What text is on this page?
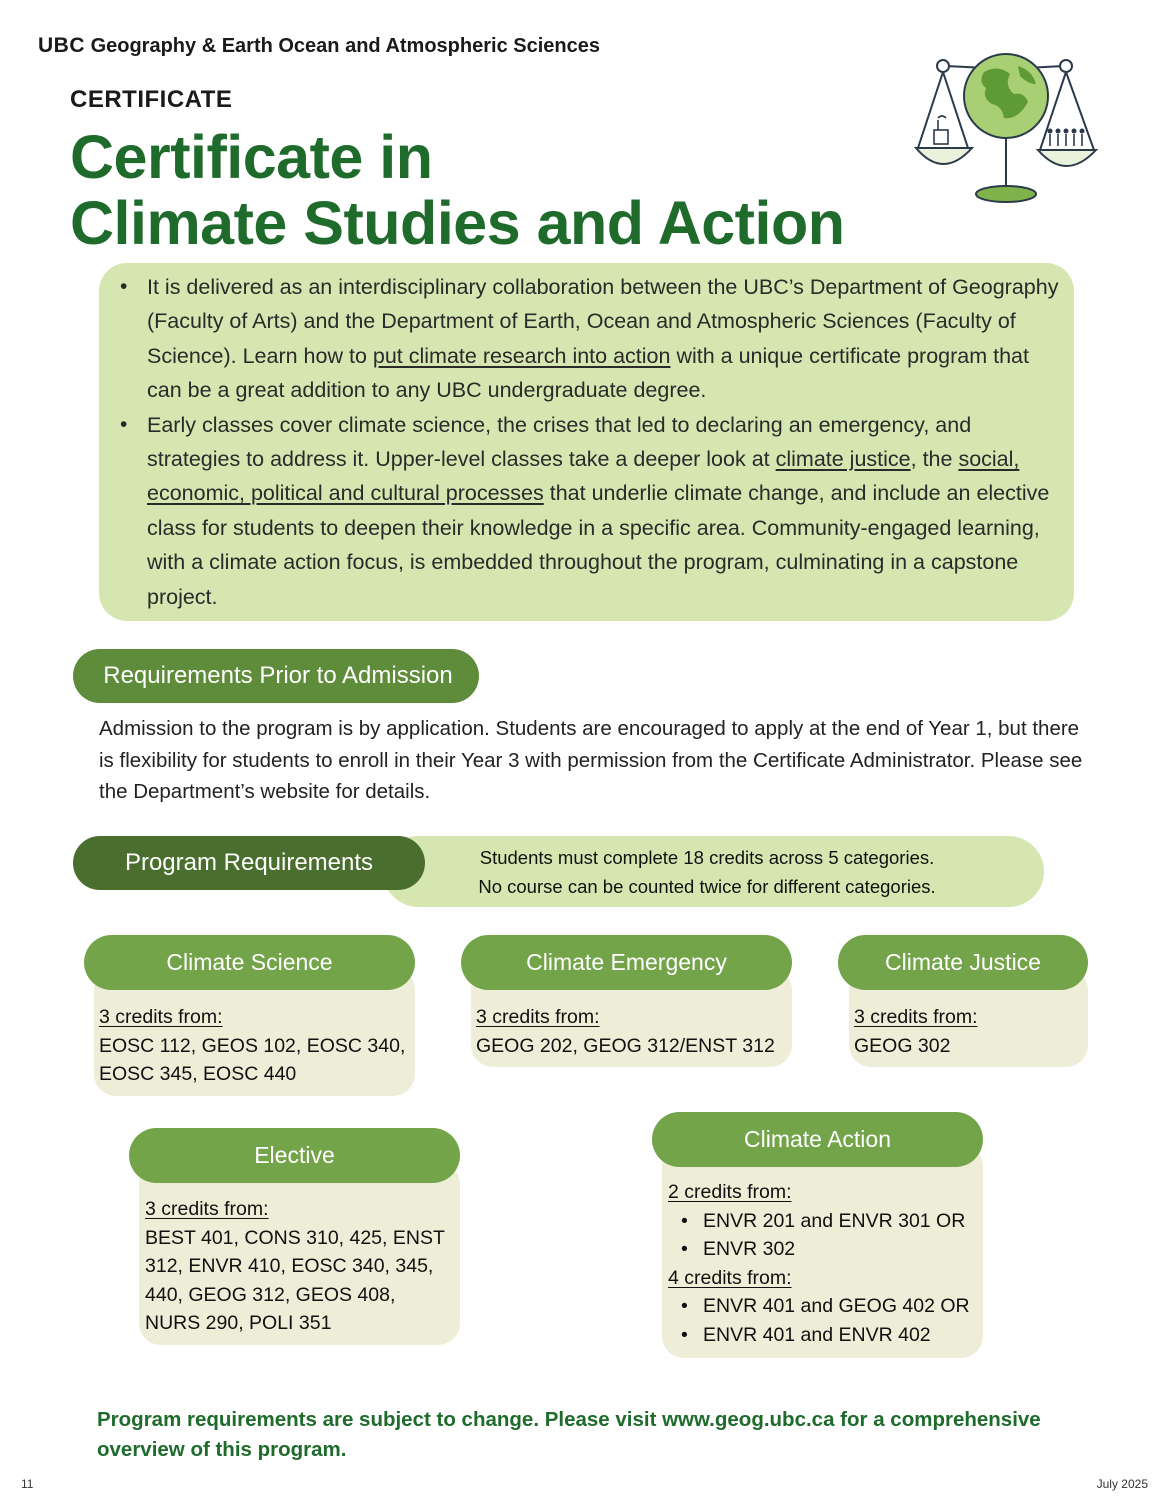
UBC Geography & Earth Ocean and Atmospheric Sciences
CERTIFICATE
Certificate in
Climate Studies and Action
• It is delivered as an interdisciplinary collaboration between the UBC’s Department of Geography (Faculty of Arts) and the Department of Earth, Ocean and Atmospheric Sciences (Faculty of Science). Learn how to put climate research into action with a unique certificate program that can be a great addition to any UBC undergraduate degree.
• Early classes cover climate science, the crises that led to declaring an emergency, and strategies to address it. Upper-level classes take a deeper look at climate justice, the social, economic, political and cultural processes that underlie climate change, and include an elective class for students to deepen their knowledge in a specific area. Community-engaged learning, with a climate action focus, is embedded throughout the program, culminating in a capstone project.
Requirements Prior to Admission
Admission to the program is by application. Students are encouraged to apply at the end of Year 1, but there is flexibility for students to enroll in their Year 3 with permission from the Certificate Administrator. Please see the Department’s website for details.
Students must complete 18 credits across 5 categories.
No course can be counted twice for different categories.
Program Requirements
3 credits from:
EOSC 112, GEOS 102, EOSC 340, EOSC 345, EOSC 440
Climate Science
3 credits from:
GEOG 202, GEOG 312/ENST 312
Climate Emergency
3 credits from:
GEOG 302
Climate Justice
3 credits from:
BEST 401, CONS 310, 425, ENST 312, ENVR 410, EOSC 340, 345, 440, GEOG 312, GEOS 408, NURS 290, POLI 351
Elective
2 credits from:
• ENVR 201 and ENVR 301 OR
• ENVR 302
4 credits from:
• ENVR 401 and GEOG 402 OR
• ENVR 401 and ENVR 402
Climate Action
Program requirements are subject to change. Please visit www.geog.ubc.ca for a comprehensive overview of this program.
11	July 2025
